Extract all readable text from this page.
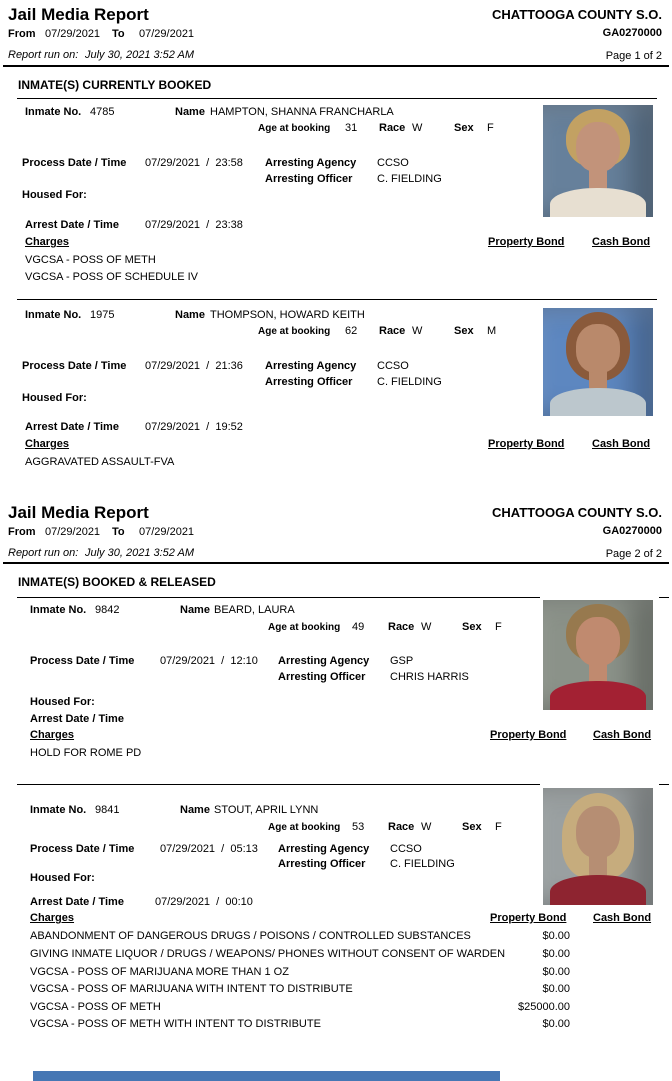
Jail Media Report	CHATTOOGA COUNTY S.O.
From 07/29/2021 To 07/29/2021	GA0270000
Report run on: July 30, 2021 3:52 AM	Page 1 of 2
INMATE(S) CURRENTLY BOOKED
Inmate No. 4785	Name HAMPTON, SHANNA FRANCHARLA
Age at booking 31 Race W	Sex F
Process Date / Time 07/29/2021  /  23:58 Arresting Agency CCSO
Arresting Officer C. FIELDING
Housed For:
Arrest Date / Time 07/29/2021  /  23:38
Charges	Property Bond	Cash Bond
VGCSA - POSS OF METH
VGCSA - POSS OF SCHEDULE IV
Inmate No. 1975	Name THOMPSON, HOWARD KEITH
Age at booking 62 Race W	Sex M
Process Date / Time 07/29/2021  /  21:36 Arresting Agency CCSO
Arresting Officer C. FIELDING
Housed For:
Arrest Date / Time 07/29/2021  /  19:52
Charges	Property Bond	Cash Bond
AGGRAVATED ASSAULT-FVA
Jail Media Report	CHATTOOGA COUNTY S.O.
From 07/29/2021 To 07/29/2021	GA0270000
Report run on: July 30, 2021 3:52 AM	Page 2 of 2
INMATE(S) BOOKED & RELEASED
Inmate No. 9842	Name BEARD, LAURA
Age at booking 49 Race W	Sex F
Process Date / Time 07/29/2021  /  12:10 Arresting Agency GSP
Arresting Officer CHRIS HARRIS
Housed For:
Arrest Date / Time
Charges	Property Bond Cash Bond
HOLD FOR ROME PD
Inmate No. 9841	Name STOUT, APRIL LYNN
Age at booking 53 Race W	Sex F
Process Date / Time 07/29/2021  /  05:13 Arresting Agency CCSO
Arresting Officer C. FIELDING
Housed For:
Arrest Date / Time	07/29/2021  /  00:10
Charges	Property Bond Cash Bond
ABANDONMENT OF DANGEROUS DRUGS / POISONS / CONTROLLED SUBSTANCES	$0.00
GIVING INMATE LIQUOR / DRUGS / WEAPONS/ PHONES WITHOUT CONSENT OF WARDEN	$0.00
VGCSA - POSS OF MARIJUANA MORE THAN 1 OZ	$0.00
VGCSA - POSS OF MARIJUANA WITH INTENT TO DISTRIBUTE	$0.00
VGCSA - POSS OF METH	$25000.00
VGCSA - POSS OF METH WITH INTENT TO DISTRIBUTE	$0.00
